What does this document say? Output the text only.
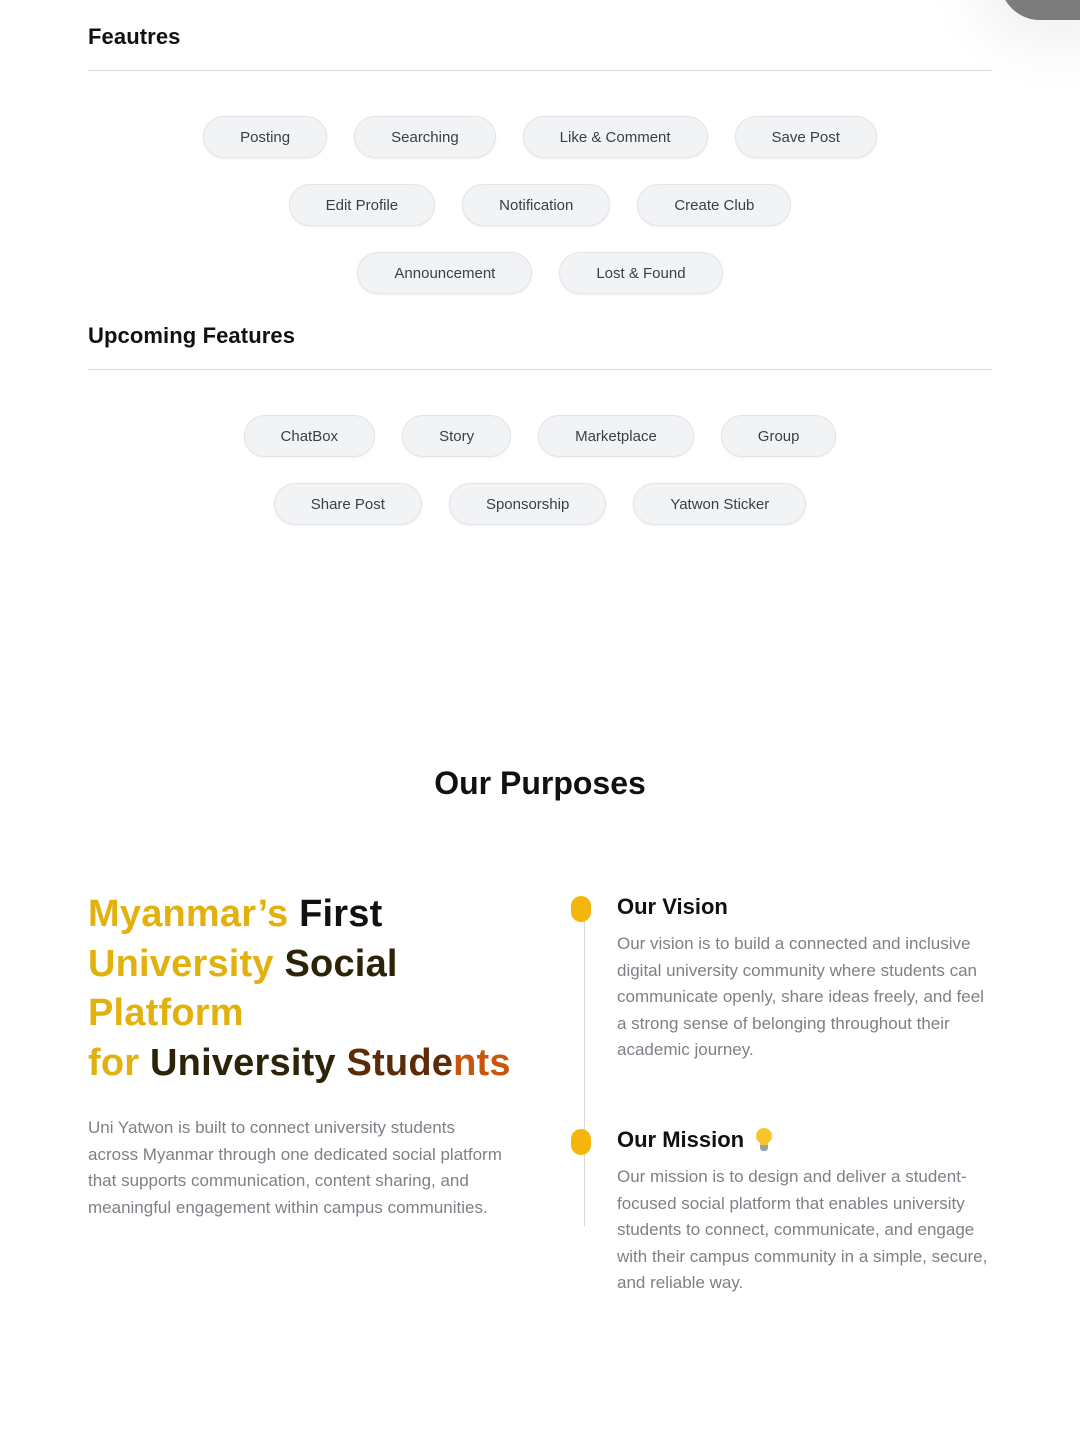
Feautres
Posting	Searching	Like & Comment	Save Post
Edit Profile	Notification	Create Club
Announcement	Lost & Found
Upcoming Features
ChatBox	Story	Marketplace	Group
Share Post	Sponsorship	Yatwon Sticker
Our Purposes
Myanmar’s First
University Social
Platform
for University Students

Uni Yatwon is built to connect university students across Myanmar through one dedicated social platform that supports communication, content sharing, and meaningful engagement within campus communities.

Our Vision

Our vision is to build a connected and inclusive digital university community where students can communicate openly, share ideas freely, and feel a strong sense of belonging throughout their academic journey.

Our Mission

Our mission is to design and deliver a student-focused social platform that enables university students to connect, communicate, and engage with their campus community in a simple, secure, and reliable way.
